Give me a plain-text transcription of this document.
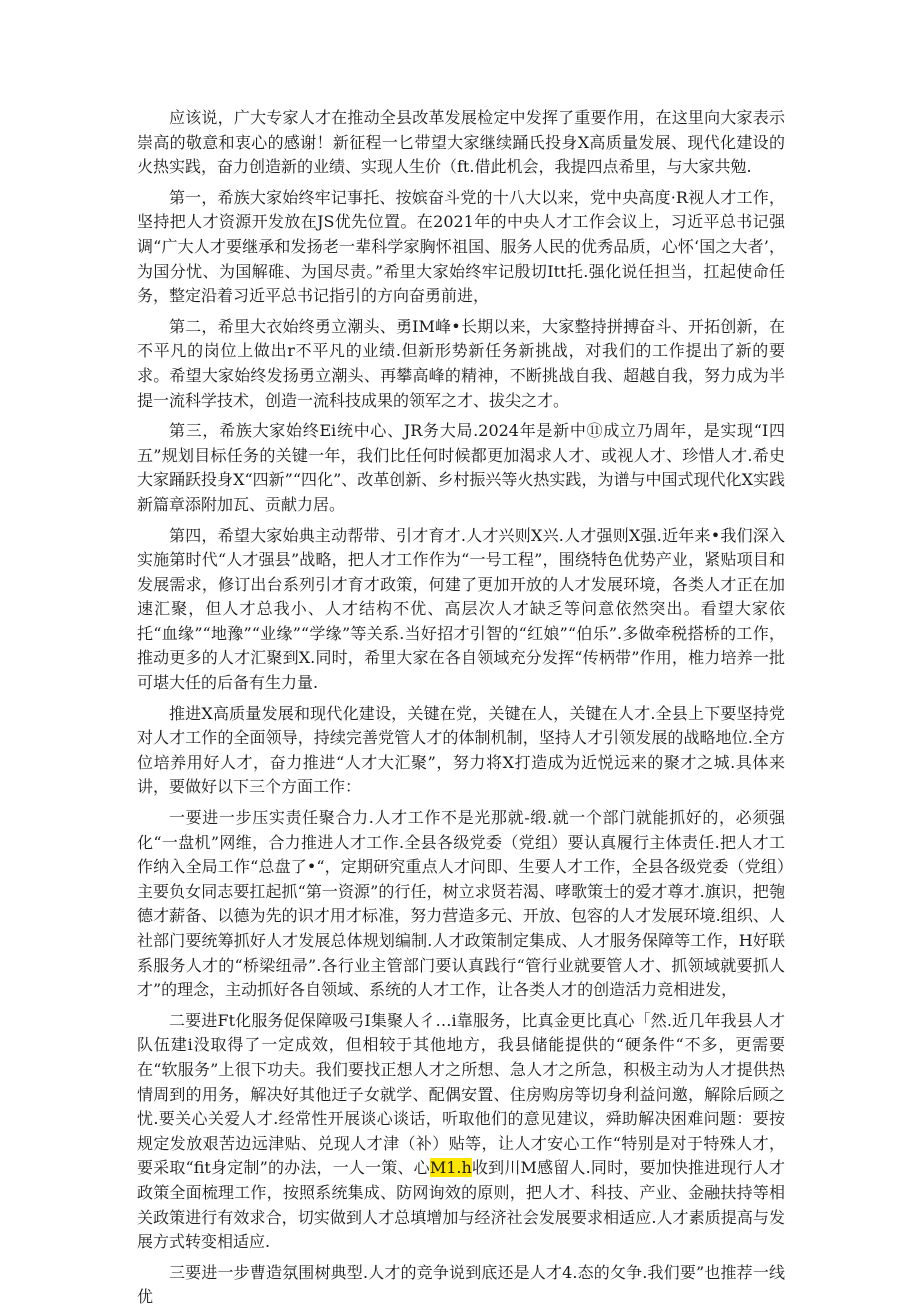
应该说，广大专家人才在推动全县改革发展检定中发挥了重要作用，在这里向大家表示崇高的敬意和衷心的感谢！新征程一匕带望大家继续踊氏投身X高质量发展、现代化建设的火热实践，奋力创造新的业绩、实现人生价（ft.借此机会，我提四点希里，与大家共勉.

第一，希族大家始终牢记事托、按嫔奋斗党的十八大以来，党中央高度·R视人才工作，坚持把人才资源开发放在JS优先位置。在2021年的中央人才工作会议上，习近平总书记强调“广大人才要继承和发扬老一辈科学家胸怀祖国、服务人民的优秀品质，心怀‘国之大者’，为国分忧、为国解碓、为国尽责。”希里大家始终牢记殷切Itt托.强化说任担当，扛起使命任务，整定沿着习近平总书记指引的方向奋勇前进，

第二，希里大衣始终勇立潮头、勇IM峰•长期以来，大家整持拼搏奋斗、开拓创新，在不平凡的岗位上做出r不平凡的业绩.但新形势新任务新挑战，对我们的工作提出了新的要求。希望大家始终发扬勇立潮头、再攀高峰的精神，不断挑战自我、超越自我，努力成为半提一流科学技术，创造一流科技成果的领军之才、拔尖之才。

第三，希族大家始终Ei统中心、JR务大局.2024年是新中⑪成立乃周年，是实现“I四五”规划目标任务的关键一年，我们比任何时候都更加渴求人才、或视人才、珍惜人才.希史大家踊跃投身X“四新”“四化”、改革创新、乡村振兴等火热实践，为谱与中国式现代化X实践新篇章添附加瓦、贡献力居。

第四，希望大家始典主动帮带、引才育才.人才兴则X兴.人才强则X强.近年来•我们深入实施第时代“人才强县”战略，把人才工作作为“一号工程”，围绕特色优势产业，紧贴项目和发展需求，修订出台系列引才育才政策，何建了更加开放的人才发展环境，各类人才正在加速汇聚，但人才总我小、人才结构不优、高层次人才缺乏等问意依然突出。看望大家依托“血缘”“地豫”“业缘”“学缘”等关系.当好招才引智的“红娘”“伯乐”.多做牵税搭桥的工作，推动更多的人才汇聚到X.同时，希里大家在各自领域充分发挥“传柄带”作用，椎力培养一批可堪大任的后备有生力量.

推进X高质量发展和现代化建设，关键在党，关键在人，关键在人才.全县上下要坚持党对人才工作的全面领导，持续完善党管人才的体制机制，坚持人才引领发展的战略地位.全方位培养用好人才，奋力推进“人才大汇聚”，努力将X打造成为近悦远来的聚才之城.具体来讲，要做好以下三个方面工作：

一要进一步压实责任聚合力.人才工作不是光那就-缎.就一个部门就能抓好的，必须强化“一盘机”网维，合力推进人才工作.全县各级党委（党组）要认真履行主体责任.把人才工作纳入全局工作“总盘了•“，定期研究重点人才问即、生要人才工作，全县各级党委（党组）主要负女同志要扛起抓“第一资源”的行任，树立求贤若渴、哮歌策士的爱才尊才.旗识，把匏德才薪备、以德为先的识才用才标准，努力营造多元、开放、包容的人才发展环境.组织、人社部门要统筹抓好人才发展总体规划编制.人才政策制定集成、人才服务保障等工作，H好联系服务人才的“桥梁纽帚”.各行业主管部门要认真践行“管行业就要管人才、抓领域就要抓人才”的理念，主动抓好各自领域、系统的人才工作，让各类人才的创造活力竞相进发，

二要进Ft化服务促保障吸弓I集聚人彳…i靠服务，比真金更比真心「然.近几年我县人才队伍建i没取得了一定成效，但相较于其他地方，我县储能提供的“硬条件“不多，更需要在“软服务”上很下功夫。我们要找正想人才之所想、急人才之所急，积极主动为人才提供热情周到的用务，解决好其他迂子女就学、配偶安置、住房购房等切身利益问邀，解除后顾之忧.要关心关爱人才.经常性开展谈心谈话，听取他们的意见建议，舜助解决困难问题：要按规定发放艰苦边远津贴、兑现人才津（补）贴等，让人才安心工作“特别是对于特殊人才，要采取“fit身定制”的办法，一人一策、心M1.h收到川M感留人.同时，要加快推进现行人才政策全面梳理工作，按照系统集成、防网询效的原则，把人才、科技、产业、金融扶持等相关政策进行有效求合，切实做到人才总填增加与经济社会发展要求相适应.人才素质提高与发展方式转变相适应.

三要进一步曹造氛围树典型.人才的竞争说到底还是人才4.态的攵争.我们要”也推荐一线优
